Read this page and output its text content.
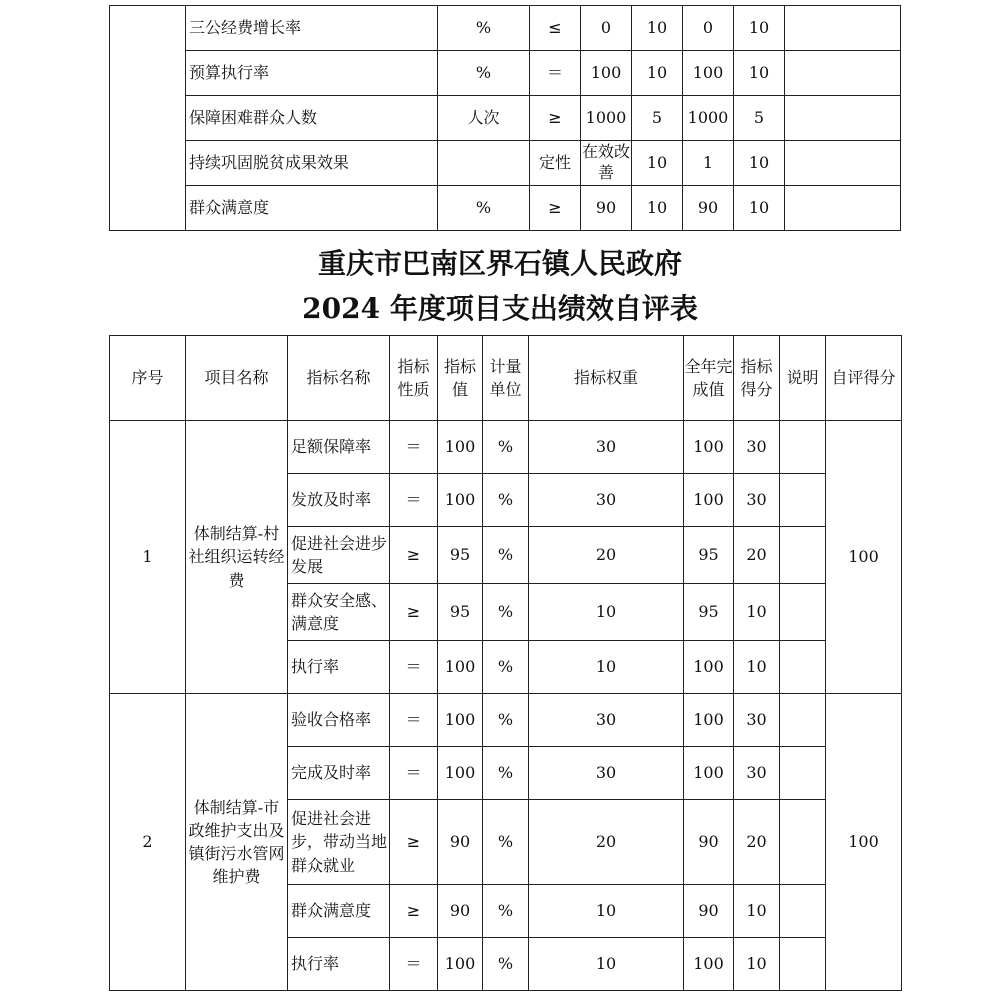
	三公经费增长率	%	≤	0	10	0	10	
	预算执行率	%	＝	100	10	100	10	
	保障困难群众人数	人次	≥	1000	5	1000	5	
	持续巩固脱贫成果效果		定性	在效改善	10	1	10	
	群众满意度	%	≥	90	10	90	10	
重庆市巴南区界石镇人民政府
2024 年度项目支出绩效自评表
序号	项目名称	指标名称	指标性质	指标值	计量单位	指标权重	全年完成值	指标得分	说明	自评得分
1	体制结算-村社组织运转经费	足额保障率	＝	100	%	30	100	30		100
		发放及时率	＝	100	%	30	100	30		
		促进社会进步发展	≥	95	%	20	95	20		
		群众安全感、满意度	≥	95	%	10	95	10		
		执行率	＝	100	%	10	100	10		
2	体制结算-市政维护支出及镇街污水管网维护费	验收合格率	＝	100	%	30	100	30		100
		完成及时率	＝	100	%	30	100	30		
		促进社会进步，带动当地群众就业	≥	90	%	20	90	20		
		群众满意度	≥	90	%	10	90	10		
		执行率	＝	100	%	10	100	10		
